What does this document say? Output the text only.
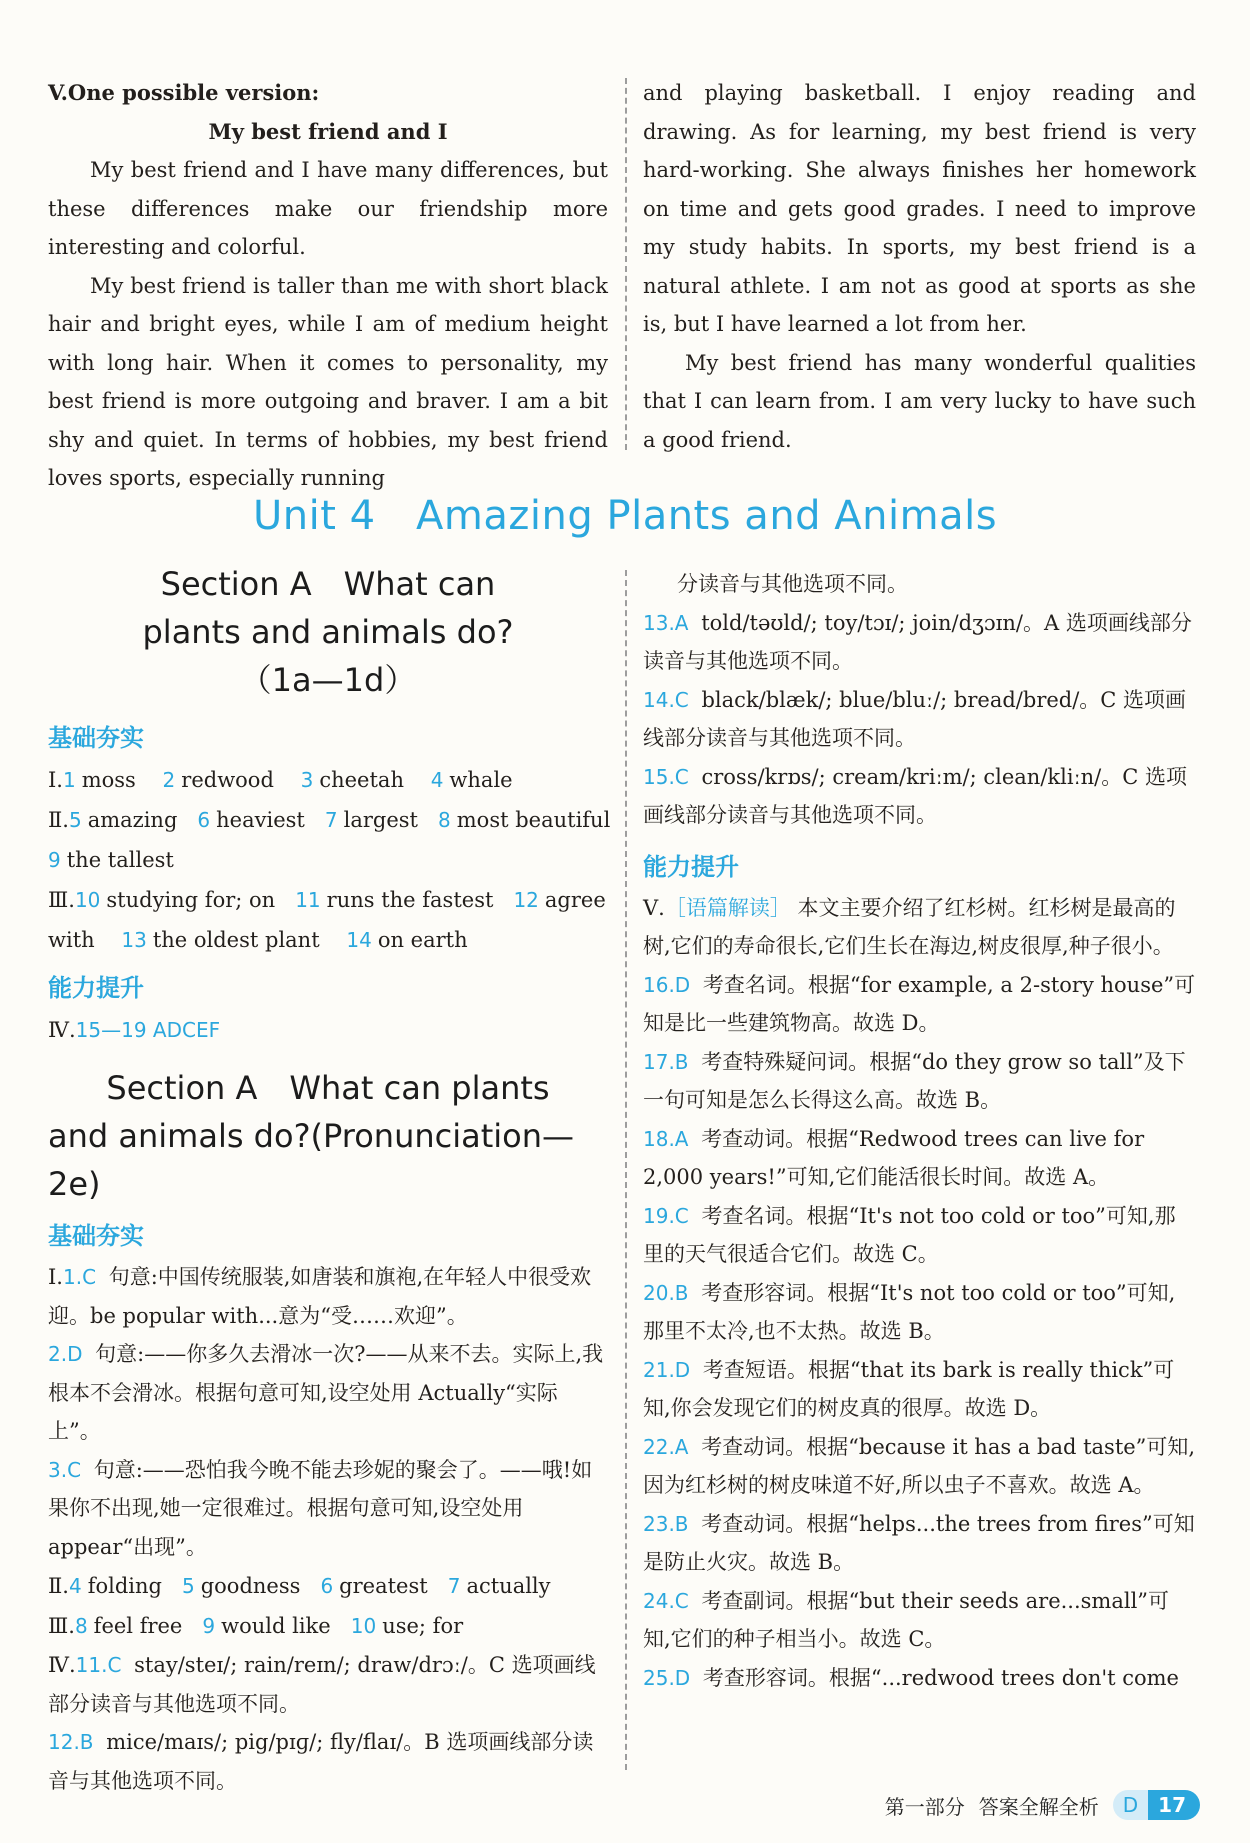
V.One possible version:

My best friend and I

My best friend and I have many differences, but these differences make our friendship more interesting and colorful.

My best friend is taller than me with short black hair and bright eyes, while I am of medium height with long hair. When it comes to personality, my best friend is more outgoing and braver. I am a bit shy and quiet. In terms of hobbies, my best friend loves sports, especially running

and playing basketball. I enjoy reading and drawing. As for learning, my best friend is very hard-working. She always finishes her homework on time and gets good grades. I need to improve my study habits. In sports, my best friend is a natural athlete. I am not as good at sports as she is, but I have learned a lot from her.

My best friend has many wonderful qualities that I can learn from. I am very lucky to have such a good friend.

Unit 4　Amazing Plants and Animals

Section A　What can

plants and animals do?

（1a—1d）

基础夯实

Ⅰ.1 moss 2 redwood 3 cheetah 4 whale
Ⅱ.5 amazing 6 heaviest 7 largest 8 most beautiful
9 the tallest
Ⅲ.10 studying for; on 11 runs the fastest 12 agree
with 13 the oldest plant 14 on earth

能力提升

Ⅳ.15—19 ADCEF

Section A　What can plants

and animals do?(Pronunciation—2e)

基础夯实

Ⅰ.1.C 句意:中国传统服装,如唐装和旗袍,在年轻人中很受欢迎。be popular with...意为“受……欢迎”。

2.D 句意:——你多久去滑冰一次?——从来不去。实际上,我根本不会滑冰。根据句意可知,设空处用 Actually“实际上”。

3.C 句意:——恐怕我今晚不能去珍妮的聚会了。——哦!如果你不出现,她一定很难过。根据句意可知,设空处用 appear“出现”。

Ⅱ.4 folding 5 goodness 6 greatest 7 actually
Ⅲ.8 feel free 9 would like 10 use; for

Ⅳ.11.C stay/steɪ/; rain/reɪn/; draw/drɔː/。C 选项画线部分读音与其他选项不同。

12.B mice/maɪs/; pig/pɪɡ/; fly/flaɪ/。B 选项画线部分读音与其他选项不同。

分读音与其他选项不同。

13.A told/təʊld/; toy/tɔɪ/; join/dʒɔɪn/。A 选项画线部分读音与其他选项不同。

14.C black/blæk/; blue/bluː/; bread/bred/。C 选项画线部分读音与其他选项不同。

15.C cross/krɒs/; cream/kriːm/; clean/kliːn/。C 选项画线部分读音与其他选项不同。

能力提升

Ⅴ.［语篇解读］ 本文主要介绍了红杉树。红杉树是最高的树,它们的寿命很长,它们生长在海边,树皮很厚,种子很小。

16.D 考查名词。根据“for example, a 2-story house”可知是比一些建筑物高。故选 D。

17.B 考查特殊疑问词。根据“do they grow so tall”及下一句可知是怎么长得这么高。故选 B。

18.A 考查动词。根据“Redwood trees can live for 2,000 years!”可知,它们能活很长时间。故选 A。

19.C 考查名词。根据“It's not too cold or too”可知,那里的天气很适合它们。故选 C。

20.B 考查形容词。根据“It's not too cold or too”可知,那里不太冷,也不太热。故选 B。

21.D 考查短语。根据“that its bark is really thick”可知,你会发现它们的树皮真的很厚。故选 D。

22.A 考查动词。根据“because it has a bad taste”可知,因为红杉树的树皮味道不好,所以虫子不喜欢。故选 A。

23.B 考查动词。根据“helps...the trees from fires”可知是防止火灾。故选 B。

24.C 考查副词。根据“but their seeds are...small”可知,它们的种子相当小。故选 C。

25.D 考查形容词。根据“...redwood trees don't come

第一部分 答案全解全析	D	17
